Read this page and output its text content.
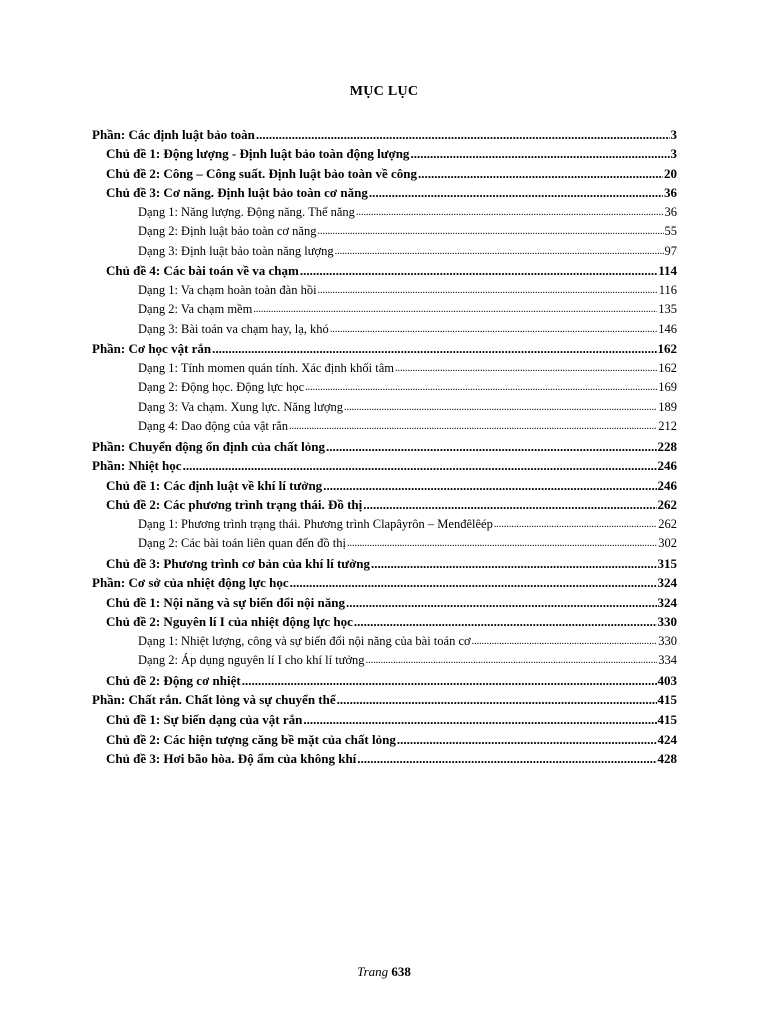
MỤC LỤC
Phần: Các định luật bảo toàn .....	3
Chủ đề 1: Động lượng - Định luật bảo toàn động lượng .....	3
Chủ đề 2: Công – Công suất. Định luật bảo toàn về công .....	20
Chủ đề 3: Cơ năng. Định luật bảo toàn cơ năng .....	36
Dạng 1: Năng lượng. Động năng. Thế năng .....	36
Dạng 2: Định luật bảo toàn cơ năng .....	55
Dạng 3: Định luật bảo toàn năng lượng .....	97
Chủ đề 4: Các bài toán về va chạm .....	114
Dạng 1: Va chạm hoàn toàn đàn hồi .....	116
Dạng 2: Va chạm mềm .....	135
Dạng 3: Bài toán va chạm hay, lạ, khó .....	146
Phần: Cơ học vật rắn .....	162
Dạng 1: Tính momen quán tính. Xác định khối tâm .....	162
Dạng 2: Động học. Động lực học .....	169
Dạng 3: Va chạm. Xung lực. Năng lượng .....	189
Dạng 4: Dao động của vật rắn .....	212
Phần: Chuyển động ổn định của chất lỏng .....	228
Phần: Nhiệt học .....	246
Chủ đề 1: Các định luật về khí lí tưởng .....	246
Chủ đề 2: Các phương trình trạng thái. Đồ thị .....	262
Dạng 1: Phương trình trạng thái. Phương trình Clapâyrôn – Menđêlêép .....	262
Dạng 2: Các bài toán liên quan đến đồ thị .....	302
Chủ đề 3: Phương trình cơ bản của khí lí tưởng .....	315
Phần: Cơ sở của nhiệt động lực học .....	324
Chủ đề 1: Nội năng và sự biến đổi nội năng .....	324
Chủ đề 2: Nguyên lí I của nhiệt động lực học .....	330
Dạng 1: Nhiệt lượng, công và sự biến đổi nội năng của bài toán cơ .....	330
Dạng 2: Áp dụng nguyên lí I cho khí lí tưởng .....	334
Chủ đề 2: Động cơ nhiệt .....	403
Phần: Chất rắn. Chất lỏng và sự chuyển thể .....	415
Chủ đề 1: Sự biến dạng của vật rắn .....	415
Chủ đề 2: Các hiện tượng căng bề mặt của chất lỏng .....	424
Chủ đề 3: Hơi bão hòa. Độ ẩm của không khí .....	428
Trang 638
